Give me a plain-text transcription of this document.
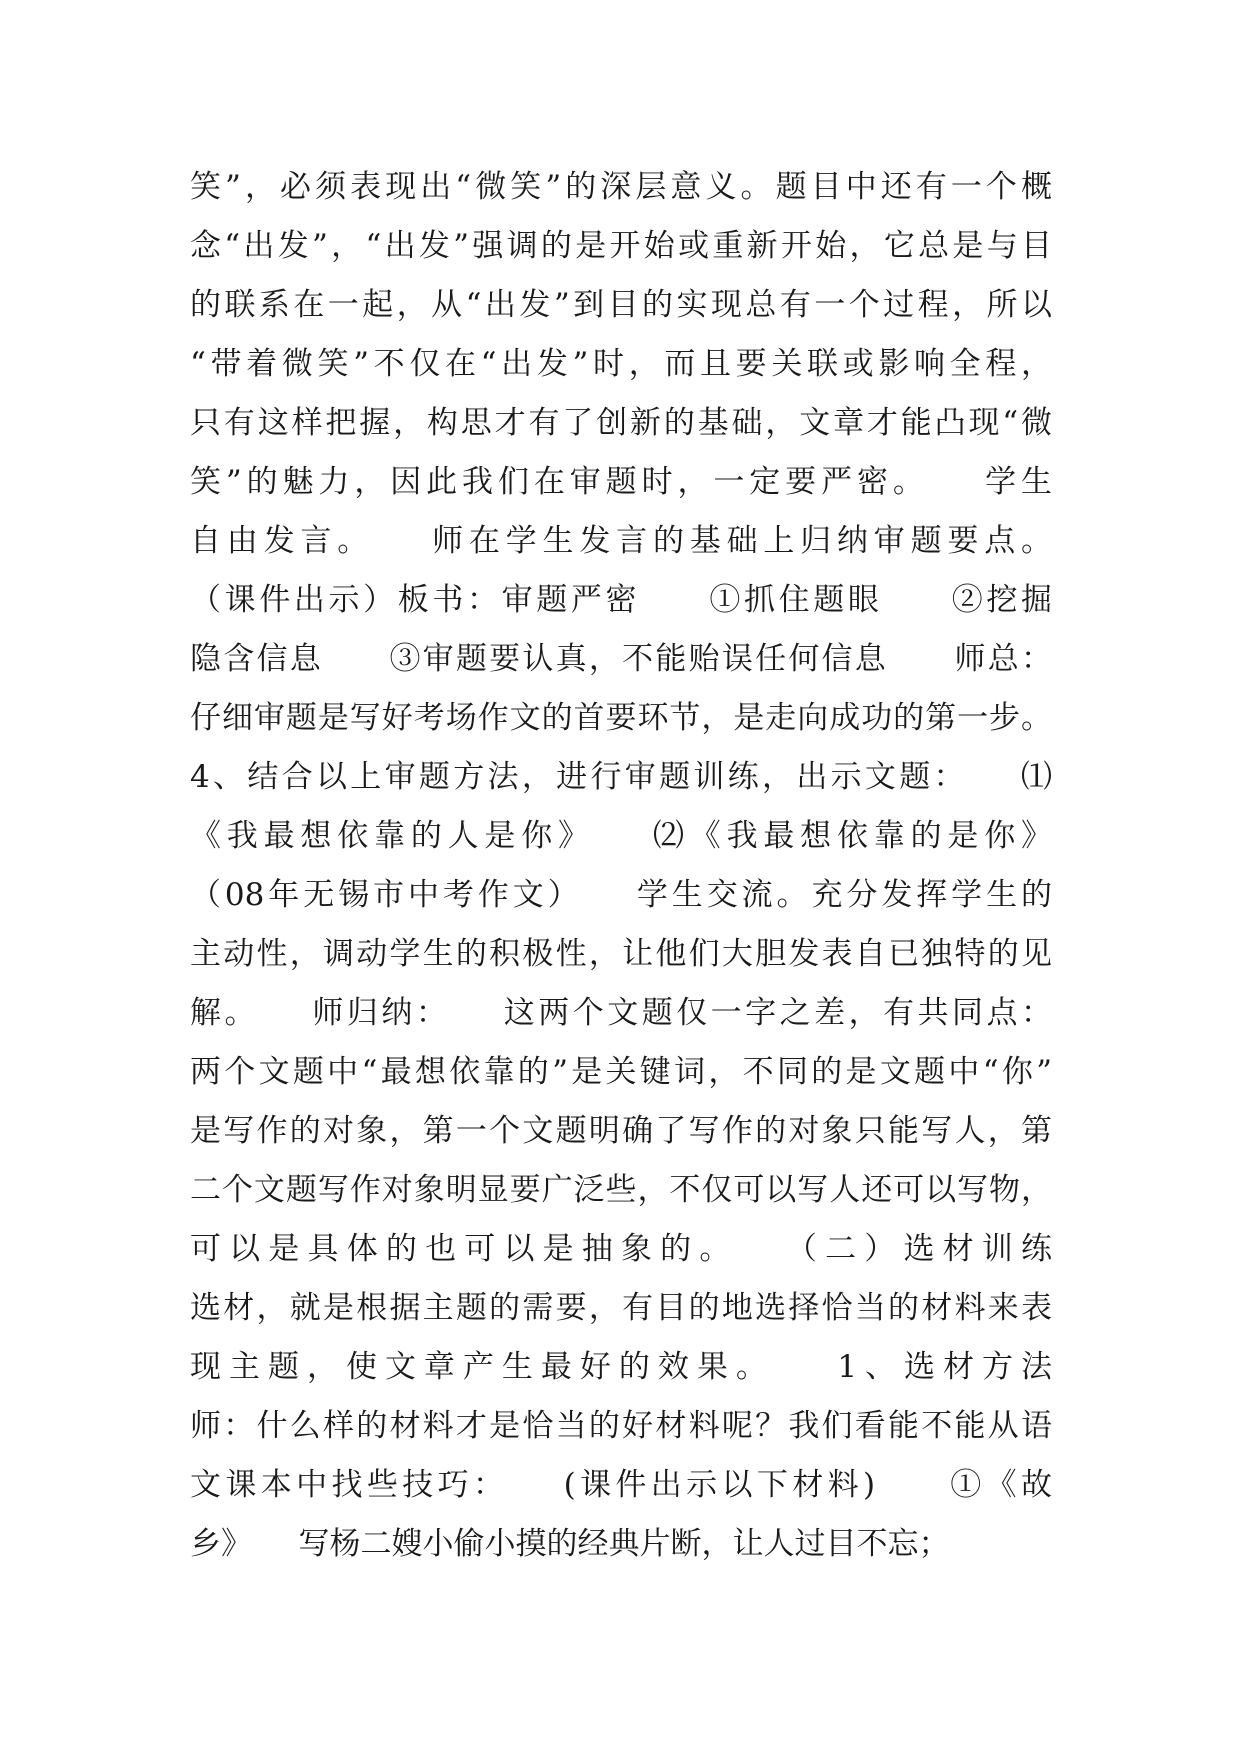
笑”，必须表现出“微笑”的深层意义。题目中还有一个概
念“出发”，“出发”强调的是开始或重新开始，它总是与目
的联系在一起，从“出发”到目的实现总有一个过程，所以
“带着微笑”不仅在“出发”时，而且要关联或影响全程，
只有这样把握，构思才有了创新的基础，文章才能凸现“微
笑”的魅力，因此我们在审题时，一定要严密。　　学生
自由发言。　　师在学生发言的基础上归纳审题要点。
（课件出示）板书：审题严密　　①抓住题眼　　②挖掘
隐含信息　　③审题要认真，不能贻误任何信息　　师总：
仔细审题是写好考场作文的首要环节，是走向成功的第一步。
4、结合以上审题方法，进行审题训练，出示文题：　　⑴
《我最想依靠的人是你》　　⑵《我最想依靠的是你》
（08年无锡市中考作文）　　学生交流。充分发挥学生的
主动性，调动学生的积极性，让他们大胆发表自已独特的见
解。　　师归纳：　　这两个文题仅一字之差，有共同点：
两个文题中“最想依靠的”是关键词，不同的是文题中“你”
是写作的对象，第一个文题明确了写作的对象只能写人，第
二个文题写作对象明显要广泛些，不仅可以写人还可以写物，
可以是具体的也可以是抽象的。　　（二）选材训练
选材，就是根据主题的需要，有目的地选择恰当的材料来表
现主题，使文章产生最好的效果。　　1、选材方法
师：什么样的材料才是恰当的好材料呢？我们看能不能从语
文课本中找些技巧：　　(课件出示以下材料)　　①《故
乡》　　写杨二嫂小偷小摸的经典片断，让人过目不忘；
